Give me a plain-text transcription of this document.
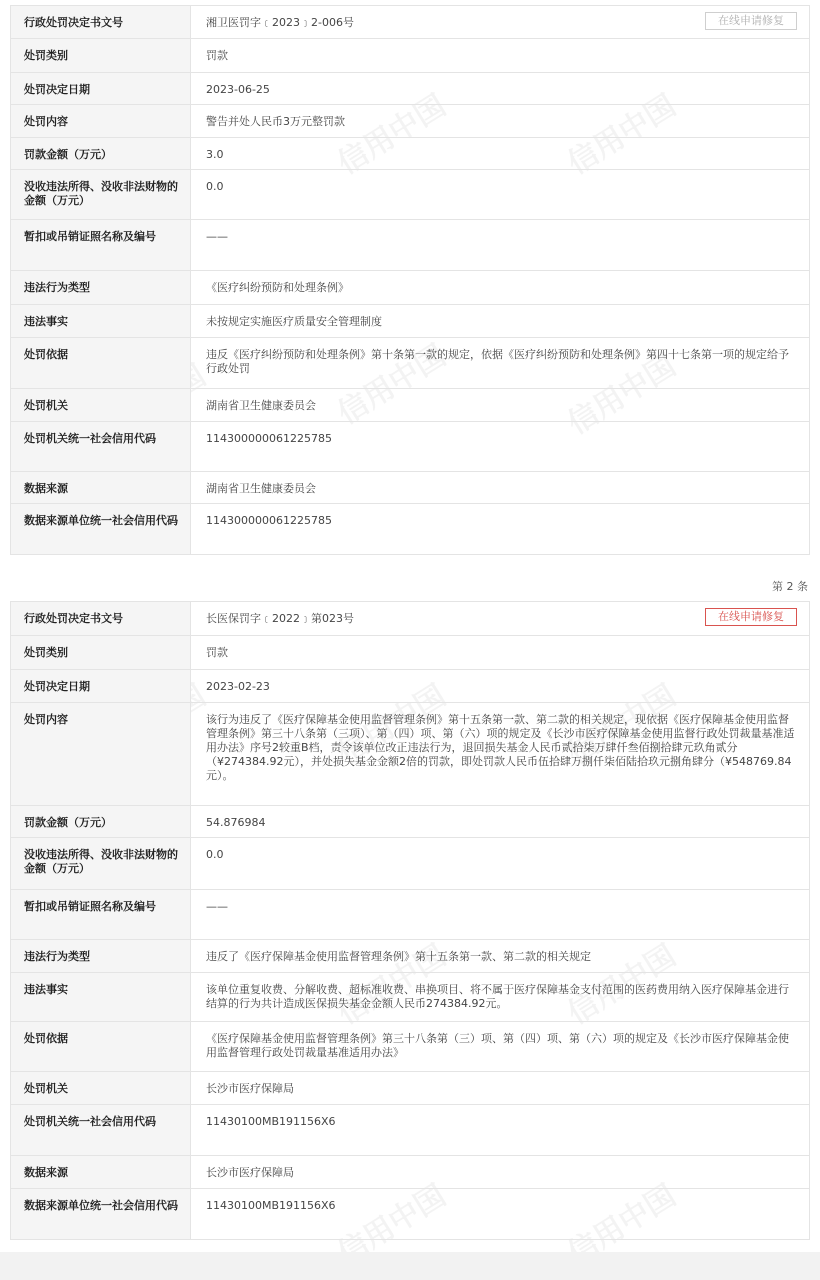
行政处罚决定书文号	湘卫医罚字﹝2023﹞2-006号 在线申请修复

处罚类别	罚款

处罚决定日期	2023-06-25

处罚内容	警告并处人民币3万元整罚款

罚款金额（万元）	3.0

没收违法所得、没收非法财物的金额（万元）	0.0

暂扣或吊销证照名称及编号	——

违法行为类型	《医疗纠纷预防和处理条例》

违法事实	未按规定实施医疗质量安全管理制度

处罚依据	违反《医疗纠纷预防和处理条例》第十条第一款的规定，依据《医疗纠纷预防和处理条例》第四十七条第一项的规定给予行政处罚

处罚机关	湖南省卫生健康委员会

处罚机关统一社会信用代码	114300000061225785

数据来源	湖南省卫生健康委员会

数据来源单位统一社会信用代码	114300000061225785
第 2 条
行政处罚决定书文号	长医保罚字﹝2022﹞第023号 在线申请修复

处罚类别	罚款

处罚决定日期	2023-02-23

处罚内容	该行为违反了《医疗保障基金使用监督管理条例》第十五条第一款、第二款的相关规定，现依据《医疗保障基金使用监督管理条例》第三十八条第（三项）、第（四）项、第（六）项的规定及《长沙市医疗保障基金使用监督行政处罚裁量基准适用办法》序号2较重B档，责令该单位改正违法行为，退回损失基金人民币贰拾柒万肆仟叁佰捌拾肆元玖角贰分（¥274384.92元），并处损失基金金额2倍的罚款，即处罚款人民币伍拾肆万捌仟柒佰陆拾玖元捌角肆分（¥548769.84元）。

罚款金额（万元）	54.876984

没收违法所得、没收非法财物的金额（万元）	0.0

暂扣或吊销证照名称及编号	——

违法行为类型	违反了《医疗保障基金使用监督管理条例》第十五条第一款、第二款的相关规定

违法事实	该单位重复收费、分解收费、超标准收费、串换项目、将不属于医疗保障基金支付范围的医药费用纳入医疗保障基金进行结算的行为共计造成医保损失基金金额人民币274384.92元。

处罚依据	《医疗保障基金使用监督管理条例》第三十八条第（三）项、第（四）项、第（六）项的规定及《长沙市医疗保障基金使用监督管理行政处罚裁量基准适用办法》

处罚机关	长沙市医疗保障局

处罚机关统一社会信用代码	11430100MB191156X6

数据来源	长沙市医疗保障局

数据来源单位统一社会信用代码	11430100MB191156X6
